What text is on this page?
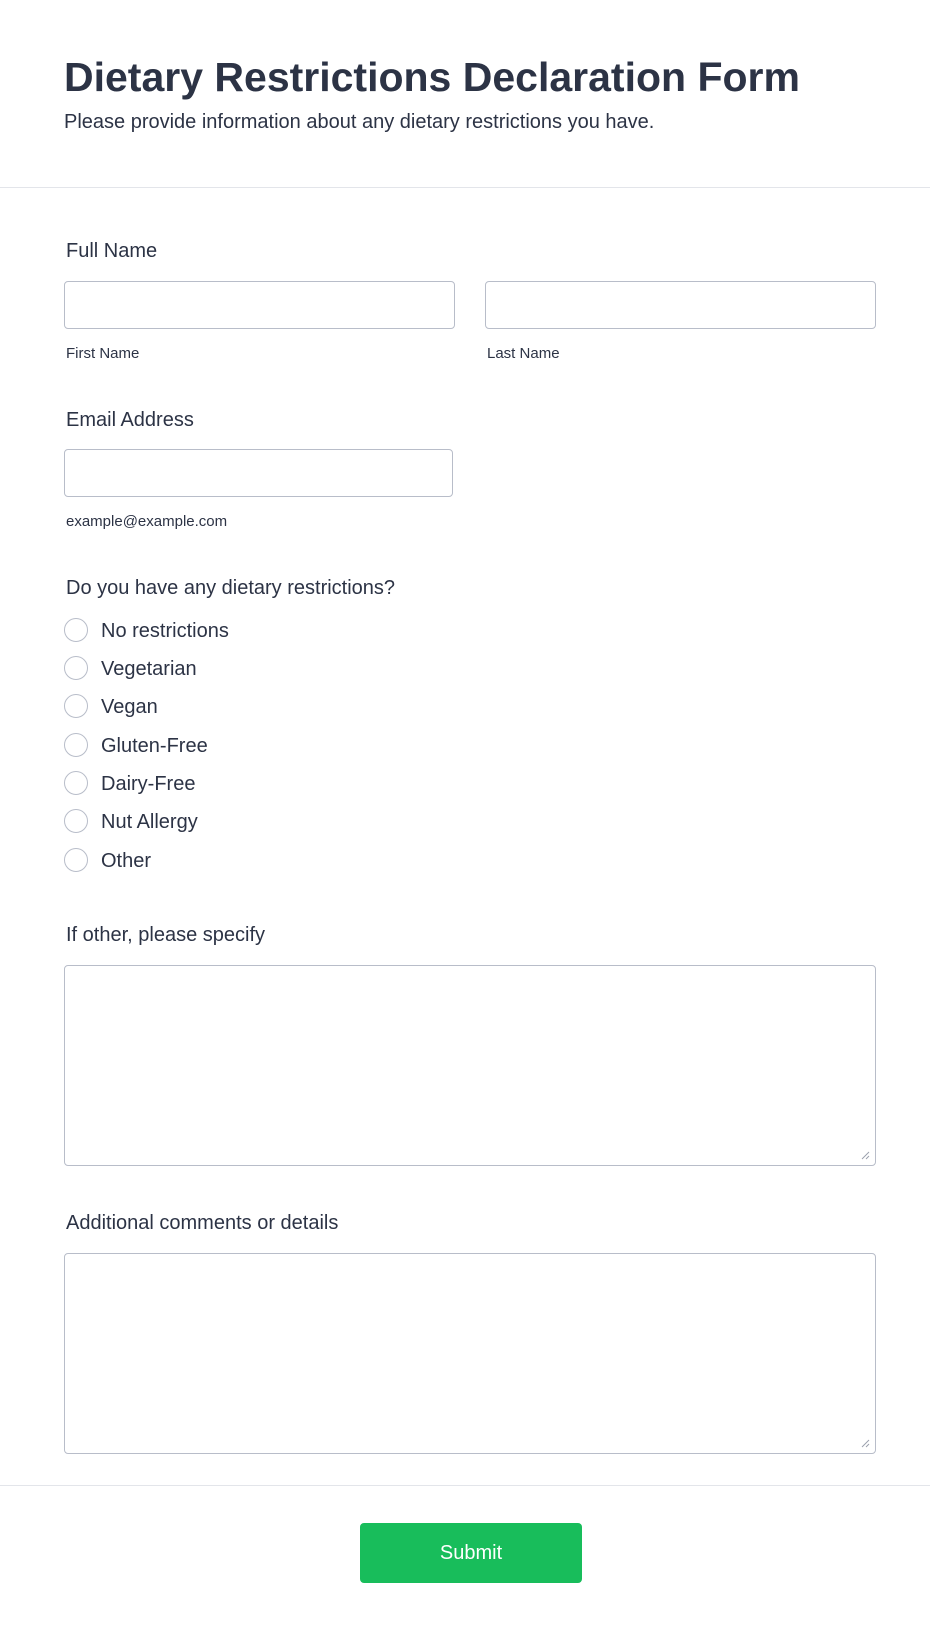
Dietary Restrictions Declaration Form

Please provide information about any dietary restrictions you have.

Full Name
First Name	Last Name
Email Address
example@example.com
Do you have any dietary restrictions?
No restrictions
Vegetarian
Vegan
Gluten-Free
Dairy-Free
Nut Allergy
Other
If other, please specify
Additional comments or details
Submit
